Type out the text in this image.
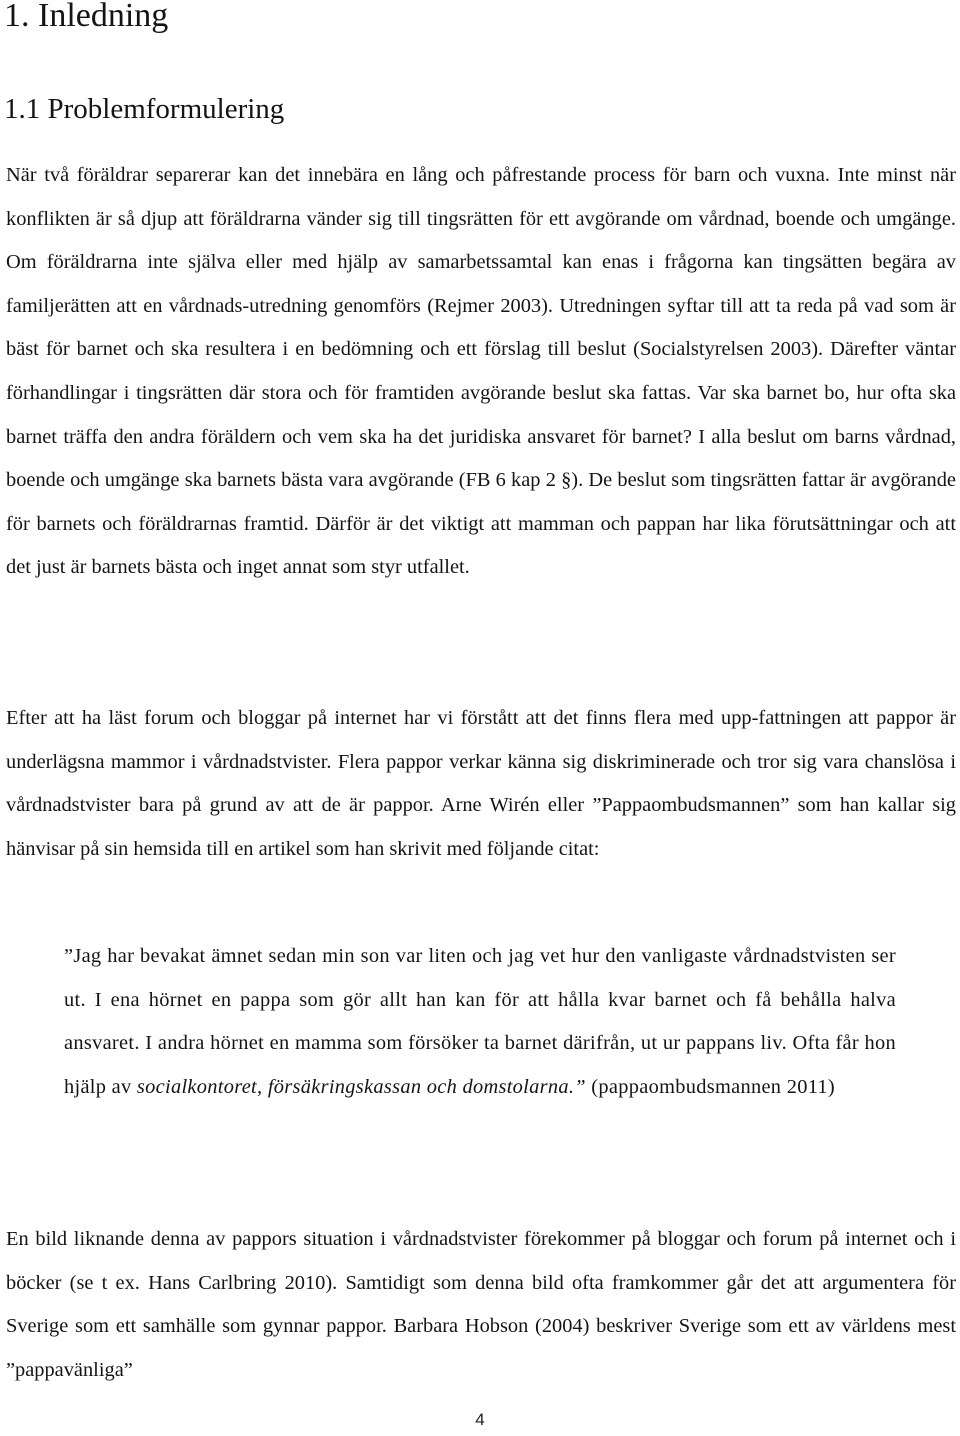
1. Inledning
1.1 Problemformulering

När två föräldrar separerar kan det innebära en lång och påfrestande process för barn och vuxna. Inte minst när konflikten är så djup att föräldrarna vänder sig till tingsrätten för ett avgörande om vårdnad, boende och umgänge. Om föräldrarna inte själva eller med hjälp av samarbetssamtal kan enas i frågorna kan tingsätten begära av familjerätten att en vårdnads-utredning genomförs (Rejmer 2003). Utredningen syftar till att ta reda på vad som är bäst för barnet och ska resultera i en bedömning och ett förslag till beslut (Socialstyrelsen 2003). Därefter väntar förhandlingar i tingsrätten där stora och för framtiden avgörande beslut ska fattas. Var ska barnet bo, hur ofta ska barnet träffa den andra föräldern och vem ska ha det juridiska ansvaret för barnet? I alla beslut om barns vårdnad, boende och umgänge ska barnets bästa vara avgörande (FB 6 kap 2 §). De beslut som tingsrätten fattar är avgörande för barnets och föräldrarnas framtid. Därför är det viktigt att mamman och pappan har lika förutsättningar och att det just är barnets bästa och inget annat som styr utfallet.

Efter att ha läst forum och bloggar på internet har vi förstått att det finns flera med upp-fattningen att pappor är underlägsna mammor i vårdnadstvister. Flera pappor verkar känna sig diskriminerade och tror sig vara chanslösa i vårdnadstvister bara på grund av att de är pappor. Arne Wirén eller ”Pappaombudsmannen” som han kallar sig hänvisar på sin hemsida till en artikel som han skrivit med följande citat:

”Jag har bevakat ämnet sedan min son var liten och jag vet hur den vanligaste vårdnadstvisten ser ut. I ena hörnet en pappa som gör allt han kan för att hålla kvar barnet och få behålla halva ansvaret. I andra hörnet en mamma som försöker ta barnet därifrån, ut ur pappans liv. Ofta får hon hjälp av socialkontoret, försäkringskassan och domstolarna.” (pappaombudsmannen 2011)

En bild liknande denna av pappors situation i vårdnadstvister förekommer på bloggar och forum på internet och i böcker (se t ex. Hans Carlbring 2010). Samtidigt som denna bild ofta framkommer går det att argumentera för Sverige som ett samhälle som gynnar pappor. Barbara Hobson (2004) beskriver Sverige som ett av världens mest ”pappavänliga”

4
